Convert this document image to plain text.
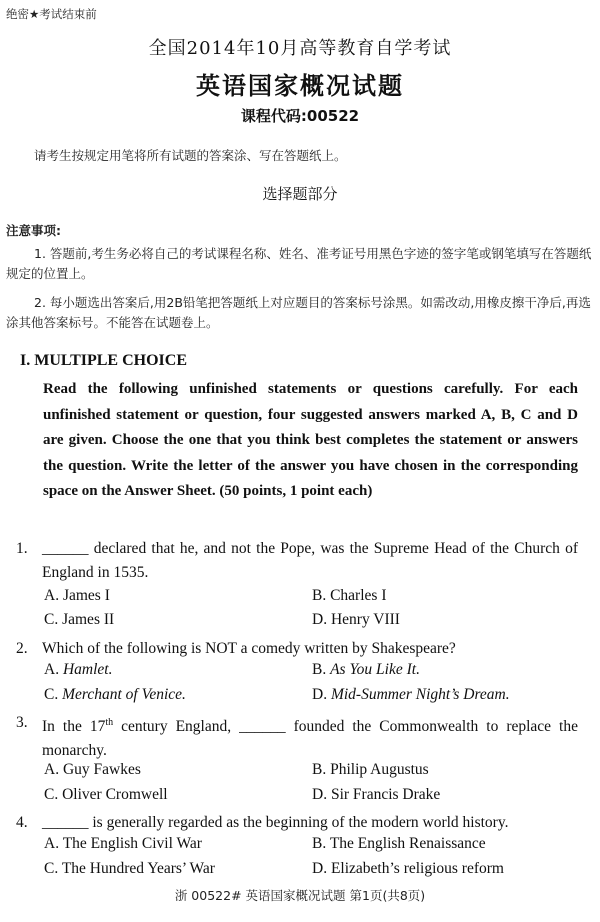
绝密★考试结束前
全国2014年10月高等教育自学考试
英语国家概况试题
课程代码:00522
请考生按规定用笔将所有试题的答案涂、写在答题纸上。
选择题部分
注意事项:
1. 答题前,考生务必将自己的考试课程名称、姓名、准考证号用黑色字迹的签字笔或钢笔填写在答题纸规定的位置上。
2. 每小题选出答案后,用2B铅笔把答题纸上对应题目的答案标号涂黑。如需改动,用橡皮擦干净后,再选涂其他答案标号。不能答在试题卷上。
I. MULTIPLE CHOICE
Read the following unfinished statements or questions carefully. For each unfinished statement or question, four suggested answers marked A, B, C and D are given. Choose the one that you think best completes the statement or answers the question. Write the letter of the answer you have chosen in the corresponding space on the Answer Sheet. (50 points, 1 point each)
1. ______ declared that he, and not the Pope, was the Supreme Head of the Church of England in 1535.
A. James I	B. Charles I
C. James II	D. Henry VIII
2. Which of the following is NOT a comedy written by Shakespeare?
A. Hamlet.	B. As You Like It.
C. Merchant of Venice.	D. Mid-Summer Night’s Dream.
3. In the 17th century England, ______ founded the Commonwealth to replace the monarchy.
A. Guy Fawkes	B. Philip Augustus
C. Oliver Cromwell	D. Sir Francis Drake
4. ______ is generally regarded as the beginning of the modern world history.
A. The English Civil War	B. The English Renaissance
C. The Hundred Years’ War	D. Elizabeth’s religious reform
浙 00522# 英语国家概况试题 第1页(共8页)
